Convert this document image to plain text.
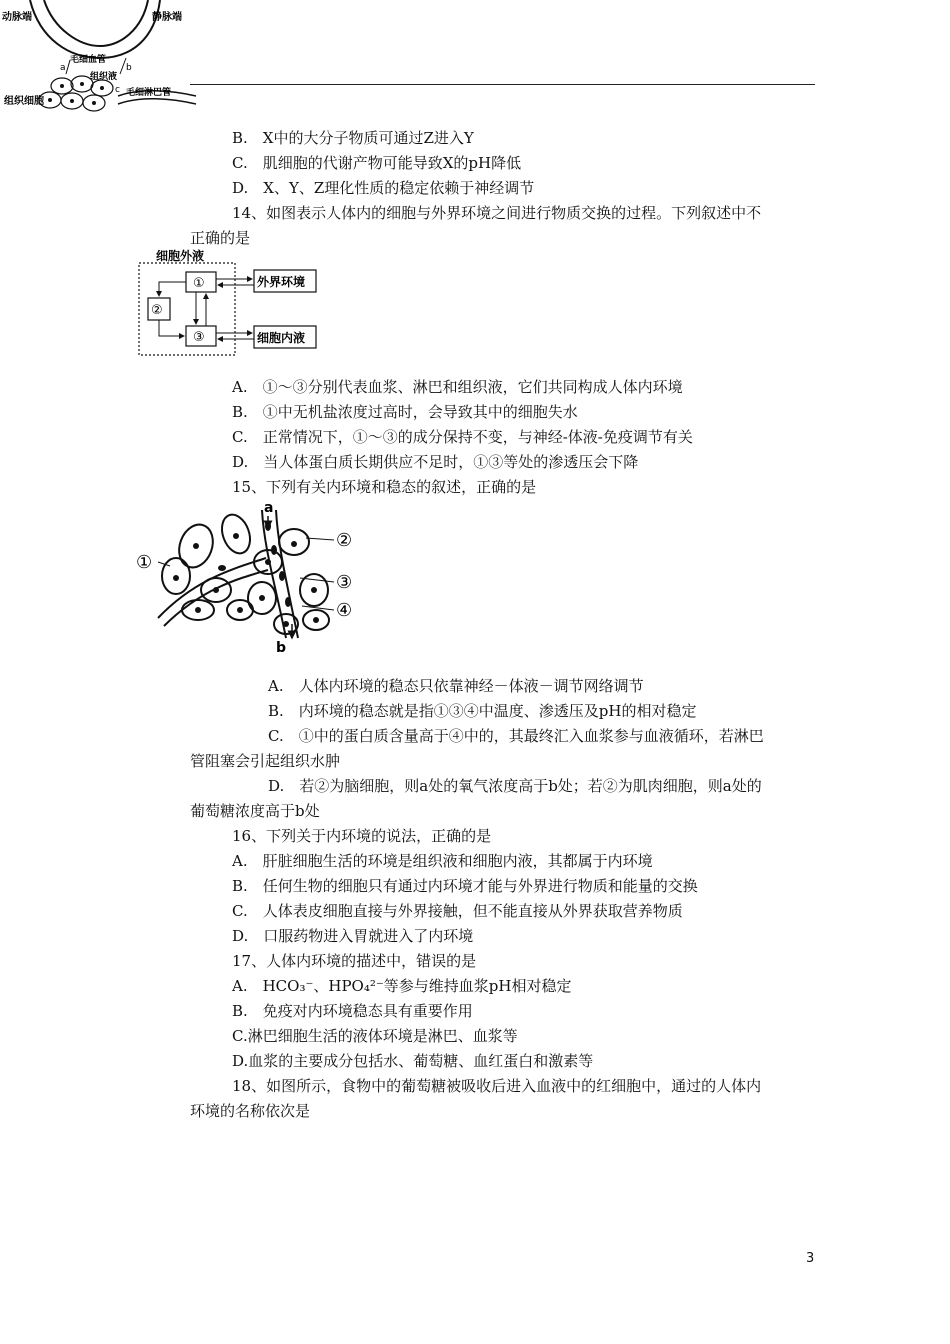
动脉端	静脉端
毛细血管
组织液
组织细胞
毛细淋巴管
a	b
c
B.　X中的大分子物质可通过Z进入Y
C.　肌细胞的代谢产物可能导致X的pH降低
D.　X、Y、Z理化性质的稳定依赖于神经调节
14、如图表示人体内的细胞与外界环境之间进行物质交换的过程。下列叙述中不
正确的是
细胞外液
①
②
③
外界环境
细胞内液
A.　①～③分别代表血浆、淋巴和组织液，它们共同构成人体内环境
B.　①中无机盐浓度过高时，会导致其中的细胞失水
C.　正常情况下，①～③的成分保持不变，与神经-体液-免疫调节有关
D.　当人体蛋白质长期供应不足时，①③等处的渗透压会下降
15、下列有关内环境和稳态的叙述，正确的是
a
b
①
②
③
④
A.　人体内环境的稳态只依靠神经－体液－调节网络调节
B.　内环境的稳态就是指①③④中温度、渗透压及pH的相对稳定
C.　①中的蛋白质含量高于④中的，其最终汇入血浆参与血液循环，若淋巴
管阻塞会引起组织水肿
D.　若②为脑细胞，则a处的氧气浓度高于b处；若②为肌肉细胞，则a处的
葡萄糖浓度高于b处
16、下列关于内环境的说法，正确的是
A.　肝脏细胞生活的环境是组织液和细胞内液，其都属于内环境
B.　任何生物的细胞只有通过内环境才能与外界进行物质和能量的交换
C.　人体表皮细胞直接与外界接触，但不能直接从外界获取营养物质
D.　口服药物进入胃就进入了内环境
17、人体内环境的描述中，错误的是
A.　HCO₃⁻、HPO₄²⁻等参与维持血浆pH相对稳定
B.　免疫对内环境稳态具有重要作用
C.淋巴细胞生活的液体环境是淋巴、血浆等
D.血浆的主要成分包括水、葡萄糖、血红蛋白和激素等
18、如图所示，食物中的葡萄糖被吸收后进入血液中的红细胞中，通过的人体内
环境的名称依次是
3
